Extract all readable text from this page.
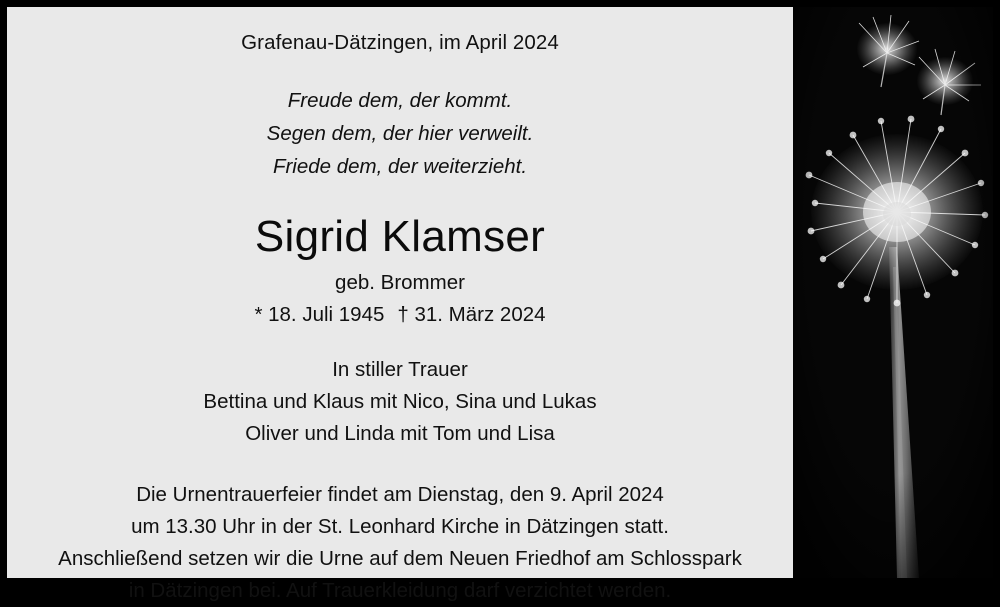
Grafenau-Dätzingen, im April 2024
Freude dem, der kommt.
Segen dem, der hier verweilt.
Friede dem, der weiterzieht.
Sigrid Klamser
geb. Brommer
* 18. Juli 1945 † 31. März 2024
In stiller Trauer
Bettina und Klaus mit Nico, Sina und Lukas
Oliver und Linda mit Tom und Lisa
Die Urnentrauerfeier findet am Dienstag, den 9. April 2024
um 13.30 Uhr in der St. Leonhard Kirche in Dätzingen statt.
Anschließend setzen wir die Urne auf dem Neuen Friedhof am Schlosspark
in Dätzingen bei. Auf Trauerkleidung darf verzichtet werden.
